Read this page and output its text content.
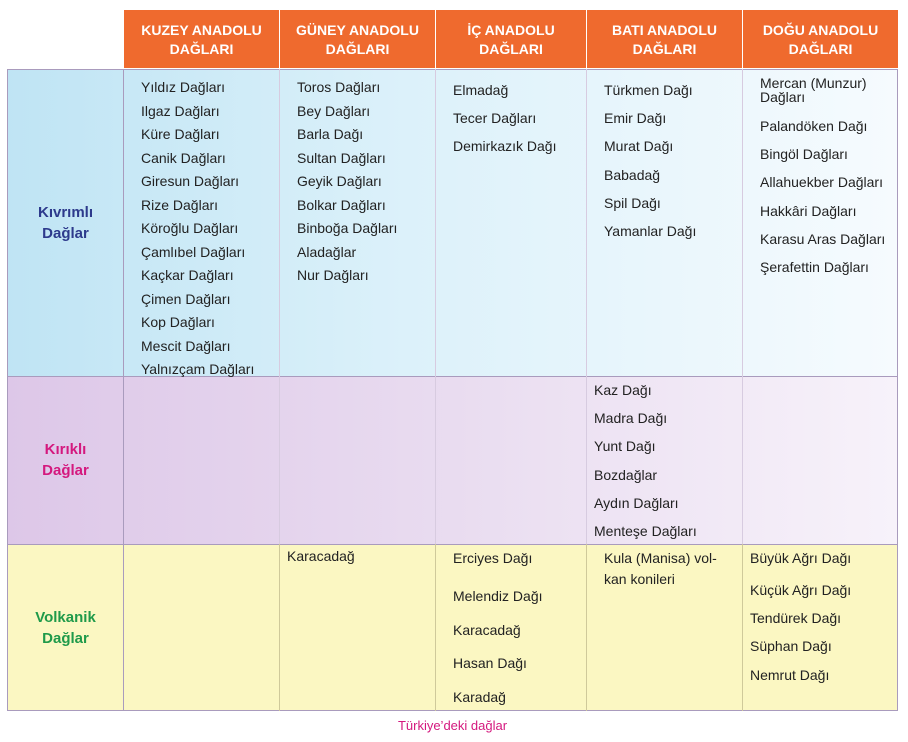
KUZEY ANADOLU
DAĞLARI
GÜNEY ANADOLU
DAĞLARI
İÇ ANADOLU
DAĞLARI
BATI ANADOLU
DAĞLARI
DOĞU ANADOLU
DAĞLARI
Kıvrımlı
Dağlar
Kırıklı
Dağlar
Volkanik
Dağlar
Yıldız Dağları
Ilgaz Dağları
Küre Dağları
Canik Dağları
Giresun Dağları
Rize Dağları
Köroğlu Dağları
Çamlıbel Dağları
Kaçkar Dağları
Çimen Dağları
Kop Dağları
Mescit Dağları
Yalnızçam Dağları
Toros Dağları
Bey Dağları
Barla Dağı
Sultan Dağları
Geyik Dağları
Bolkar Dağları
Binboğa Dağları
Aladağlar
Nur Dağları
Elmadağ
Tecer Dağları
Demirkazık Dağı
Türkmen Dağı
Emir Dağı
Murat Dağı
Babadağ
Spil Dağı
Yamanlar Dağı
Mercan (Munzur)
Dağları
Palandöken Dağı
Bingöl Dağları
Allahuekber Dağları
Hakkâri Dağları
Karasu Aras Dağları
Şerafettin Dağları
Kaz Dağı
Madra Dağı
Yunt Dağı
Bozdağlar
Aydın Dağları
Menteşe Dağları
Karacadağ	Erciyes Dağı
Melendiz Dağı
Karacadağ
Hasan Dağı
Karadağ
Kula (Manisa) vol-
kan konileri
Büyük Ağrı Dağı
Küçük Ağrı Dağı
Tendürek Dağı
Süphan Dağı
Nemrut Dağı
Türkiye’deki dağlar
